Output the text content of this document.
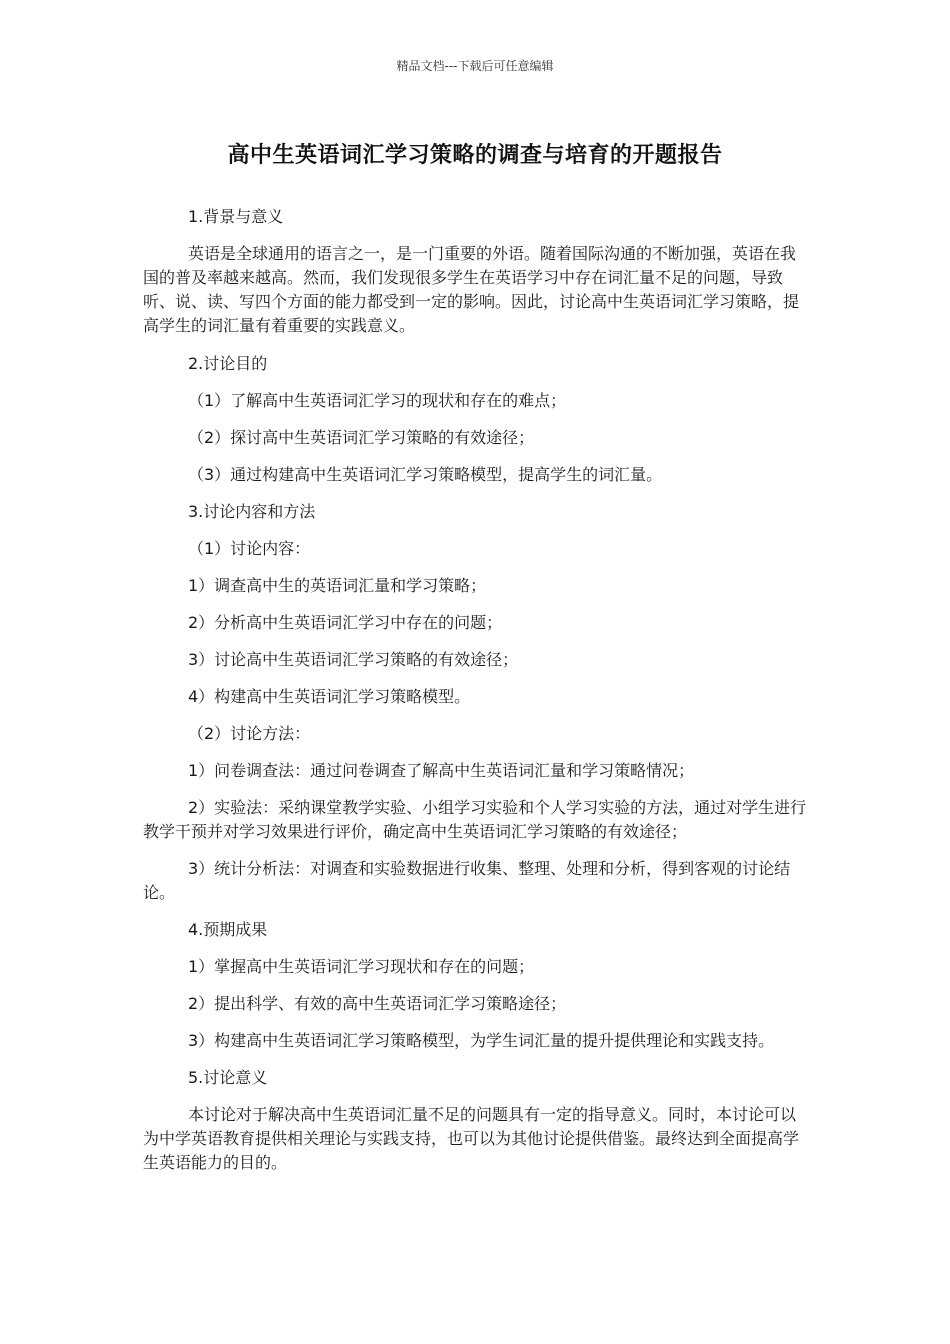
精品文档---下载后可任意编辑
高中生英语词汇学习策略的调查与培育的开题报告

1.背景与意义

英语是全球通用的语言之一，是一门重要的外语。随着国际沟通的不断加强，英语在我国的普及率越来越高。然而，我们发现很多学生在英语学习中存在词汇量不足的问题，导致听、说、读、写四个方面的能力都受到一定的影响。因此，讨论高中生英语词汇学习策略，提高学生的词汇量有着重要的实践意义。

2.讨论目的

（1）了解高中生英语词汇学习的现状和存在的难点；

（2）探讨高中生英语词汇学习策略的有效途径；

（3）通过构建高中生英语词汇学习策略模型，提高学生的词汇量。

3.讨论内容和方法

（1）讨论内容：

1）调查高中生的英语词汇量和学习策略；

2）分析高中生英语词汇学习中存在的问题；

3）讨论高中生英语词汇学习策略的有效途径；

4）构建高中生英语词汇学习策略模型。

（2）讨论方法：

1）问卷调查法：通过问卷调查了解高中生英语词汇量和学习策略情况；

2）实验法：采纳课堂教学实验、小组学习实验和个人学习实验的方法，通过对学生进行教学干预并对学习效果进行评价，确定高中生英语词汇学习策略的有效途径；

3）统计分析法：对调查和实验数据进行收集、整理、处理和分析，得到客观的讨论结论。

4.预期成果

1）掌握高中生英语词汇学习现状和存在的问题；

2）提出科学、有效的高中生英语词汇学习策略途径；

3）构建高中生英语词汇学习策略模型，为学生词汇量的提升提供理论和实践支持。

5.讨论意义

本讨论对于解决高中生英语词汇量不足的问题具有一定的指导意义。同时，本讨论可以为中学英语教育提供相关理论与实践支持，也可以为其他讨论提供借鉴。最终达到全面提高学生英语能力的目的。
